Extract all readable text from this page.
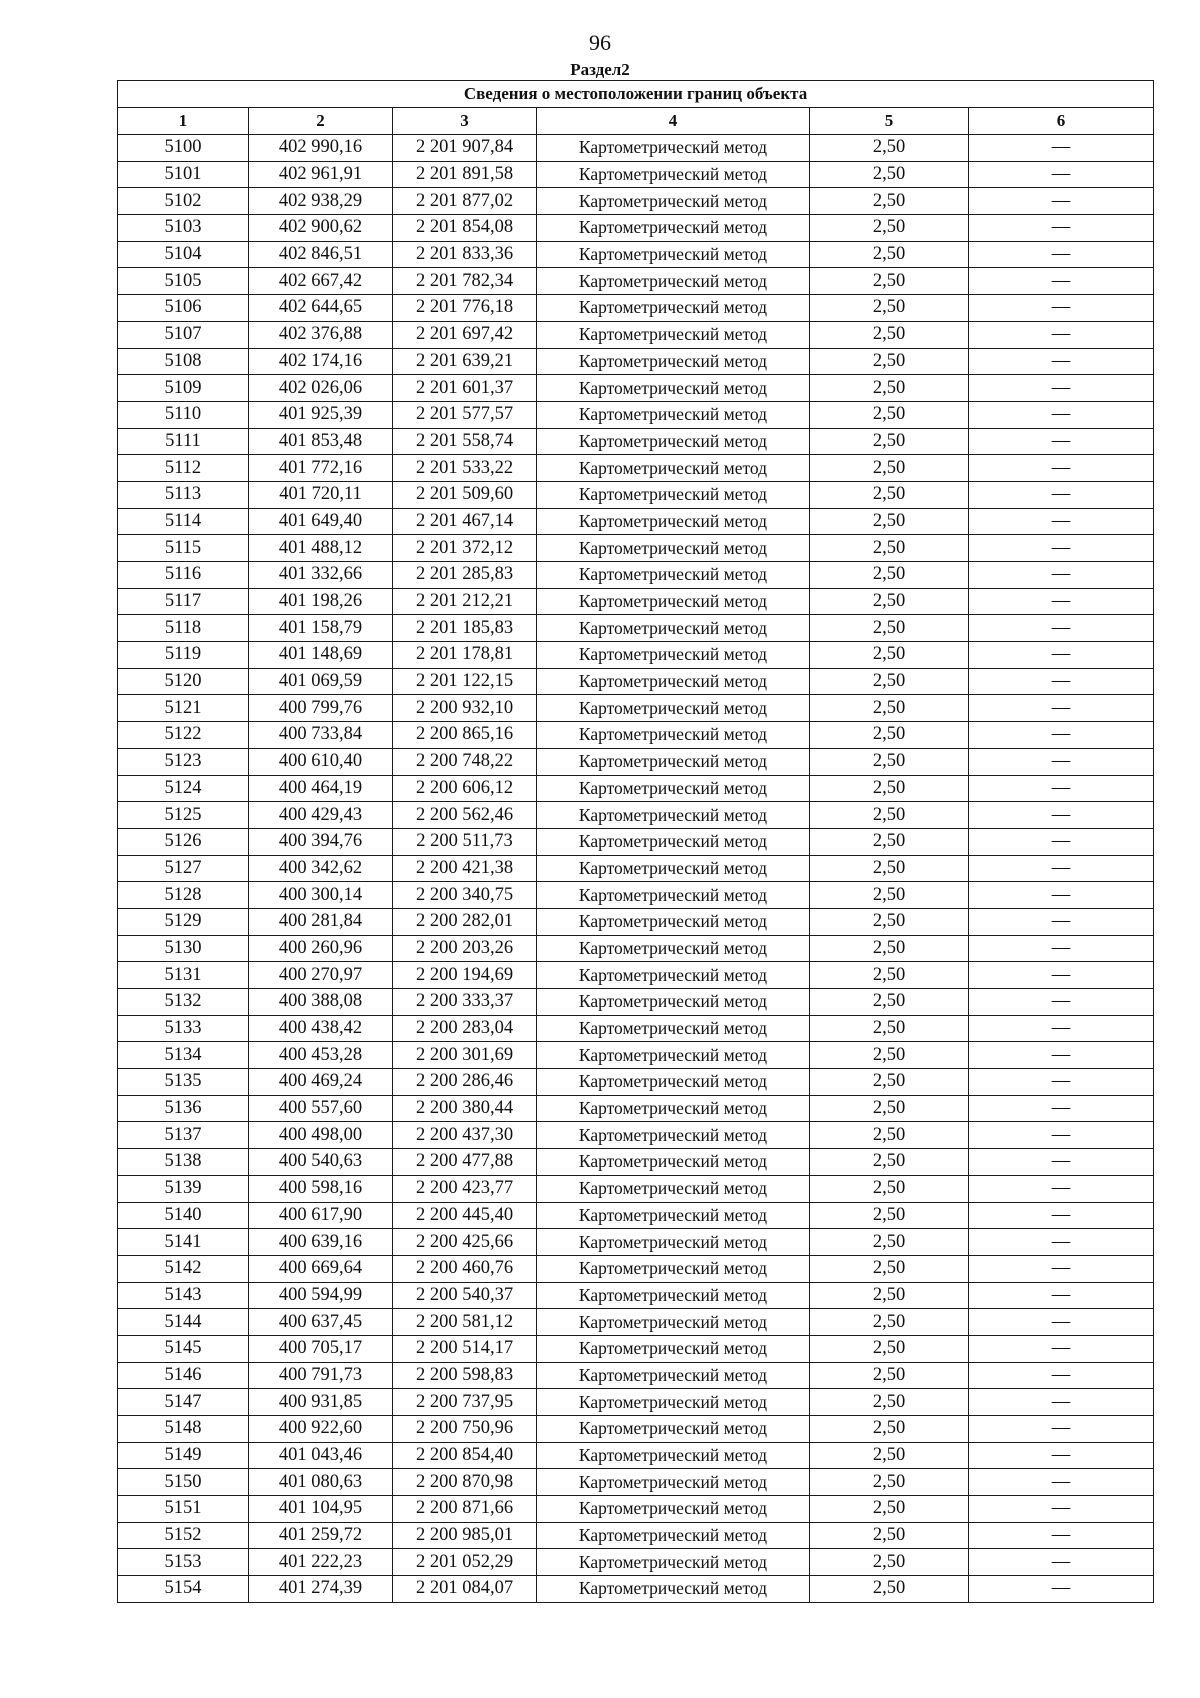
96
Раздел2
Сведения о местоположении границ объекта					
1	2	3	4	5	6
5100	402 990,16	2 201 907,84	Картометрический метод	2,50	—
5101	402 961,91	2 201 891,58	Картометрический метод	2,50	—
5102	402 938,29	2 201 877,02	Картометрический метод	2,50	—
5103	402 900,62	2 201 854,08	Картометрический метод	2,50	—
5104	402 846,51	2 201 833,36	Картометрический метод	2,50	—
5105	402 667,42	2 201 782,34	Картометрический метод	2,50	—
5106	402 644,65	2 201 776,18	Картометрический метод	2,50	—
5107	402 376,88	2 201 697,42	Картометрический метод	2,50	—
5108	402 174,16	2 201 639,21	Картометрический метод	2,50	—
5109	402 026,06	2 201 601,37	Картометрический метод	2,50	—
5110	401 925,39	2 201 577,57	Картометрический метод	2,50	—
5111	401 853,48	2 201 558,74	Картометрический метод	2,50	—
5112	401 772,16	2 201 533,22	Картометрический метод	2,50	—
5113	401 720,11	2 201 509,60	Картометрический метод	2,50	—
5114	401 649,40	2 201 467,14	Картометрический метод	2,50	—
5115	401 488,12	2 201 372,12	Картометрический метод	2,50	—
5116	401 332,66	2 201 285,83	Картометрический метод	2,50	—
5117	401 198,26	2 201 212,21	Картометрический метод	2,50	—
5118	401 158,79	2 201 185,83	Картометрический метод	2,50	—
5119	401 148,69	2 201 178,81	Картометрический метод	2,50	—
5120	401 069,59	2 201 122,15	Картометрический метод	2,50	—
5121	400 799,76	2 200 932,10	Картометрический метод	2,50	—
5122	400 733,84	2 200 865,16	Картометрический метод	2,50	—
5123	400 610,40	2 200 748,22	Картометрический метод	2,50	—
5124	400 464,19	2 200 606,12	Картометрический метод	2,50	—
5125	400 429,43	2 200 562,46	Картометрический метод	2,50	—
5126	400 394,76	2 200 511,73	Картометрический метод	2,50	—
5127	400 342,62	2 200 421,38	Картометрический метод	2,50	—
5128	400 300,14	2 200 340,75	Картометрический метод	2,50	—
5129	400 281,84	2 200 282,01	Картометрический метод	2,50	—
5130	400 260,96	2 200 203,26	Картометрический метод	2,50	—
5131	400 270,97	2 200 194,69	Картометрический метод	2,50	—
5132	400 388,08	2 200 333,37	Картометрический метод	2,50	—
5133	400 438,42	2 200 283,04	Картометрический метод	2,50	—
5134	400 453,28	2 200 301,69	Картометрический метод	2,50	—
5135	400 469,24	2 200 286,46	Картометрический метод	2,50	—
5136	400 557,60	2 200 380,44	Картометрический метод	2,50	—
5137	400 498,00	2 200 437,30	Картометрический метод	2,50	—
5138	400 540,63	2 200 477,88	Картометрический метод	2,50	—
5139	400 598,16	2 200 423,77	Картометрический метод	2,50	—
5140	400 617,90	2 200 445,40	Картометрический метод	2,50	—
5141	400 639,16	2 200 425,66	Картометрический метод	2,50	—
5142	400 669,64	2 200 460,76	Картометрический метод	2,50	—
5143	400 594,99	2 200 540,37	Картометрический метод	2,50	—
5144	400 637,45	2 200 581,12	Картометрический метод	2,50	—
5145	400 705,17	2 200 514,17	Картометрический метод	2,50	—
5146	400 791,73	2 200 598,83	Картометрический метод	2,50	—
5147	400 931,85	2 200 737,95	Картометрический метод	2,50	—
5148	400 922,60	2 200 750,96	Картометрический метод	2,50	—
5149	401 043,46	2 200 854,40	Картометрический метод	2,50	—
5150	401 080,63	2 200 870,98	Картометрический метод	2,50	—
5151	401 104,95	2 200 871,66	Картометрический метод	2,50	—
5152	401 259,72	2 200 985,01	Картометрический метод	2,50	—
5153	401 222,23	2 201 052,29	Картометрический метод	2,50	—
5154	401 274,39	2 201 084,07	Картометрический метод	2,50	—
